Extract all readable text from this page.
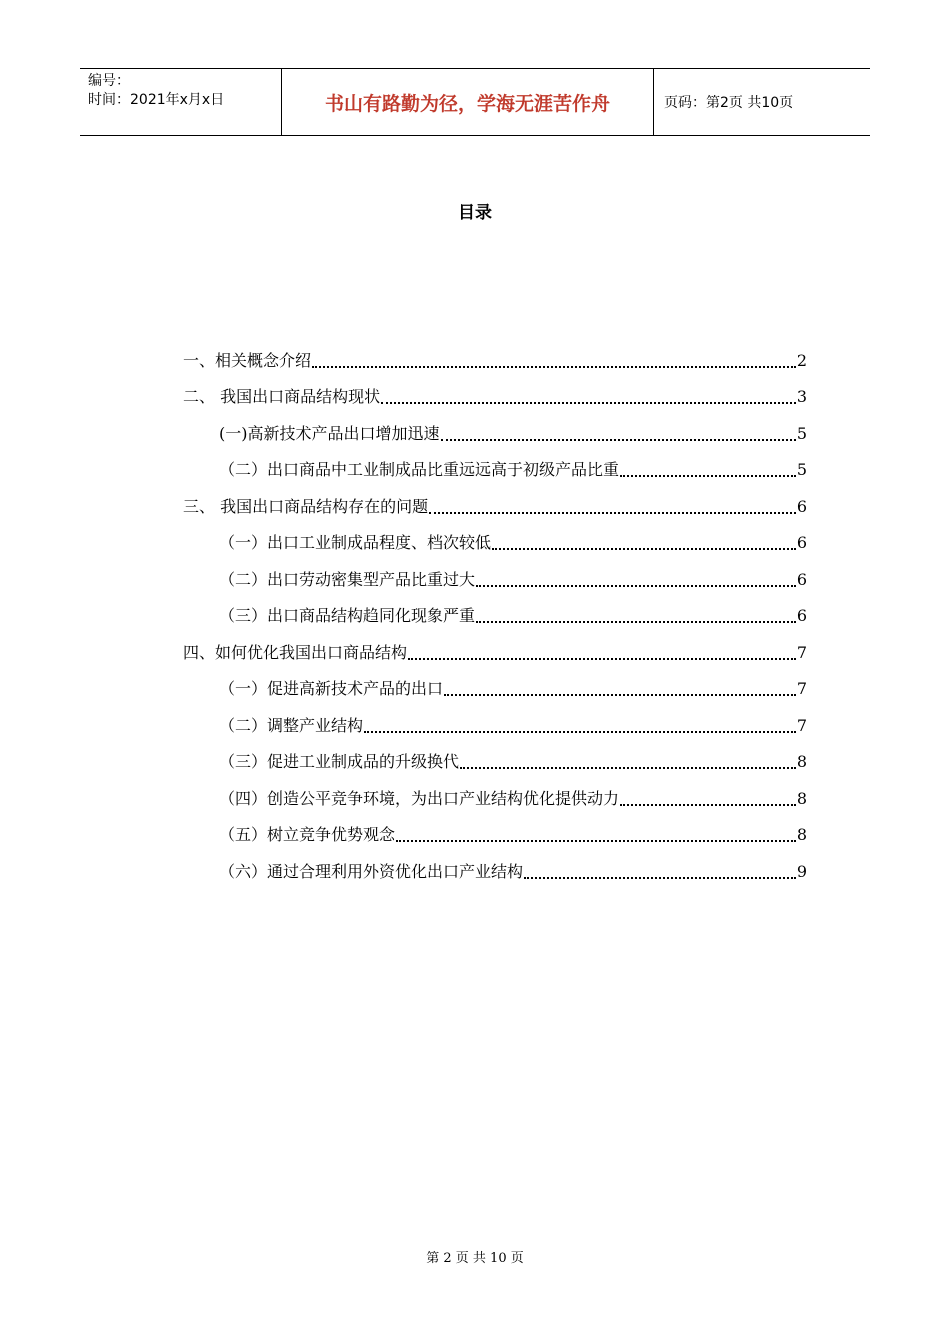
编号：
时间：2021年x月x日	书山有路勤为径，学海无涯苦作舟	页码：第2页 共10页
目录
一、相关概念介绍	2
二、 我国出口商品结构现状	3
(一)高新技术产品出口增加迅速	5
（二）出口商品中工业制成品比重远远高于初级产品比重	5
三、 我国出口商品结构存在的问题	6
（一）出口工业制成品程度、档次较低	6
（二）出口劳动密集型产品比重过大	6
（三）出口商品结构趋同化现象严重	6
四、如何优化我国出口商品结构	7
（一）促进高新技术产品的出口	7
（二）调整产业结构	7
（三）促进工业制成品的升级换代	8
（四）创造公平竞争环境，为出口产业结构优化提供动力	8
（五）树立竞争优势观念	8
（六）通过合理利用外资优化出口产业结构	9
第 2 页 共 10 页
